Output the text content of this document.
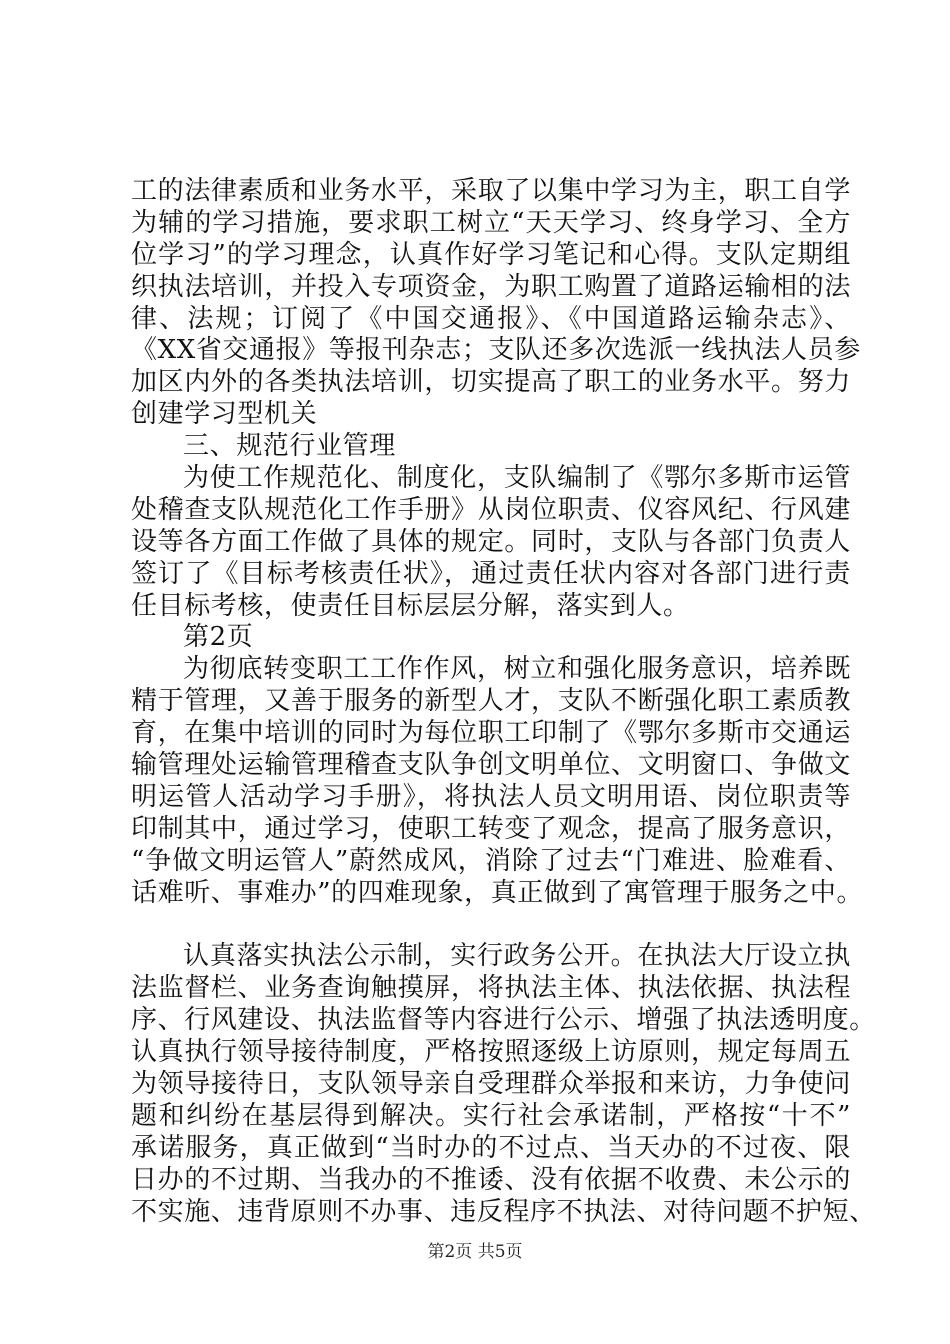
工的法律素质和业务水平，采取了以集中学习为主，职工自学
为辅的学习措施，要求职工树立“天天学习、终身学习、全方
位学习”的学习理念，认真作好学习笔记和心得。支队定期组
织执法培训，并投入专项资金，为职工购置了道路运输相的法
律、法规；订阅了《中国交通报》、《中国道路运输杂志》、
《XX省交通报》等报刊杂志；支队还多次选派一线执法人员参
加区内外的各类执法培训，切实提高了职工的业务水平。努力
创建学习型机关
三、规范行业管理
为使工作规范化、制度化，支队编制了《鄂尔多斯市运管
处稽查支队规范化工作手册》从岗位职责、仪容风纪、行风建
设等各方面工作做了具体的规定。同时，支队与各部门负责人
签订了《目标考核责任状》，通过责任状内容对各部门进行责
任目标考核，使责任目标层层分解，落实到人。
第2页
为彻底转变职工工作作风，树立和强化服务意识，培养既
精于管理，又善于服务的新型人才，支队不断强化职工素质教
育，在集中培训的同时为每位职工印制了《鄂尔多斯市交通运
输管理处运输管理稽查支队争创文明单位、文明窗口、争做文
明运管人活动学习手册》，将执法人员文明用语、岗位职责等
印制其中，通过学习，使职工转变了观念，提高了服务意识，
“争做文明运管人”蔚然成风，消除了过去“门难进、脸难看、
话难听、事难办”的四难现象，真正做到了寓管理于服务之中。
认真落实执法公示制，实行政务公开。在执法大厅设立执
法监督栏、业务查询触摸屏，将执法主体、执法依据、执法程
序、行风建设、执法监督等内容进行公示、增强了执法透明度。
认真执行领导接待制度，严格按照逐级上访原则，规定每周五
为领导接待日，支队领导亲自受理群众举报和来访，力争使问
题和纠纷在基层得到解决。实行社会承诺制，严格按“十不”
承诺服务，真正做到“当时办的不过点、当天办的不过夜、限
日办的不过期、当我办的不推诿、没有依据不收费、未公示的
不实施、违背原则不办事、违反程序不执法、对待问题不护短、
第2页 共5页
